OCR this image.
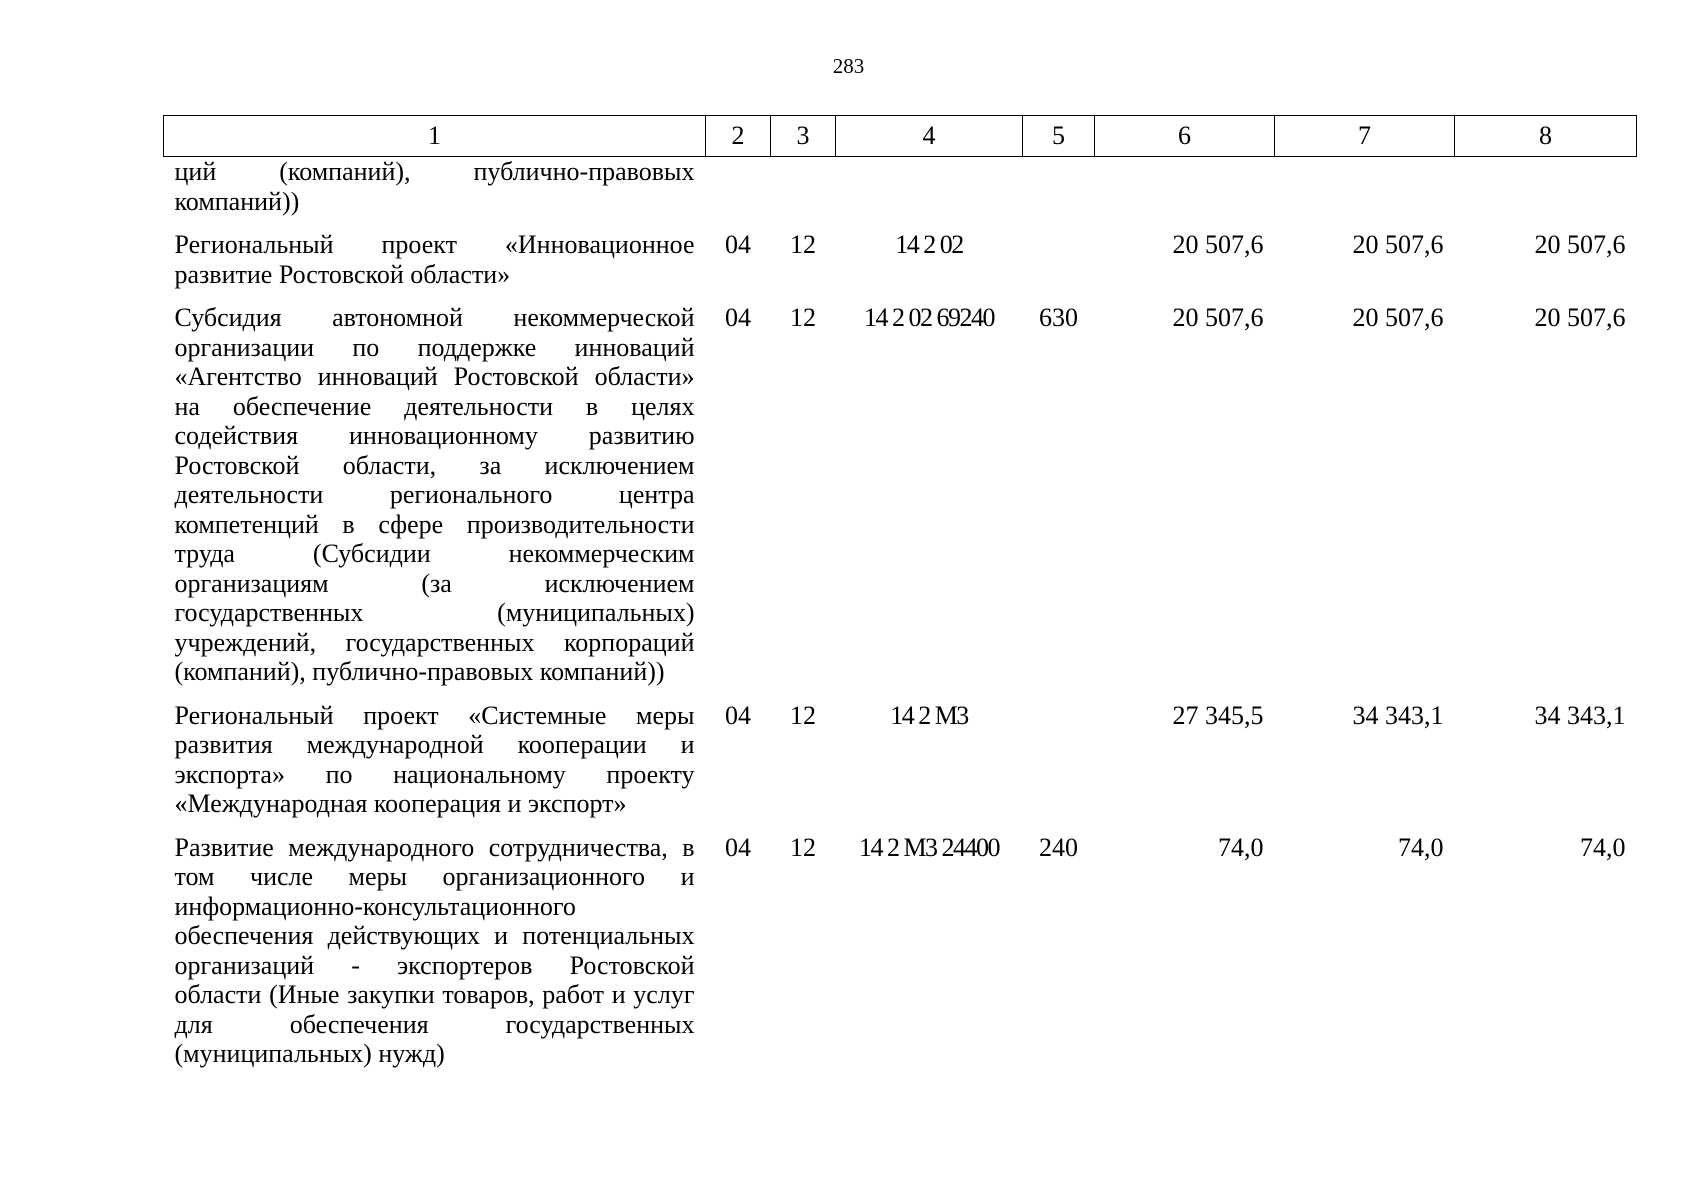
283
1	2	3	4	5	6	7	8
ций (компаний), публично-правовых компаний))							
Региональный проект «Инновационное развитие Ростовской области»	04	12	14 2 02		20 507,6	20 507,6	20 507,6
Субсидия автономной некоммерческой организации по поддержке инноваций «Агентство инноваций Ростовской области» на обеспечение деятельности в целях содействия инновационному развитию Ростовской области, за исключением деятельности регионального центра компетенций в сфере производительности труда (Субсидии некоммерческим организациям (за исключением государственных (муниципальных) учреждений, государственных корпораций (компаний), публично-правовых компаний))	04	12	14 2 02 69240	630	20 507,6	20 507,6	20 507,6
Региональный проект «Системные меры развития международной кооперации и экспорта» по национальному проекту «Международная кооперация и экспорт»	04	12	14 2 M3		27 345,5	34 343,1	34 343,1
Развитие международного сотрудничества, в том числе меры организационного и информационно-консультационного обеспечения действующих и потенциальных организаций - экспортеров Ростовской области (Иные закупки товаров, работ и услуг для обеспечения государственных (муниципальных) нужд)	04	12	14 2 M3 24400	240	74,0	74,0	74,0
